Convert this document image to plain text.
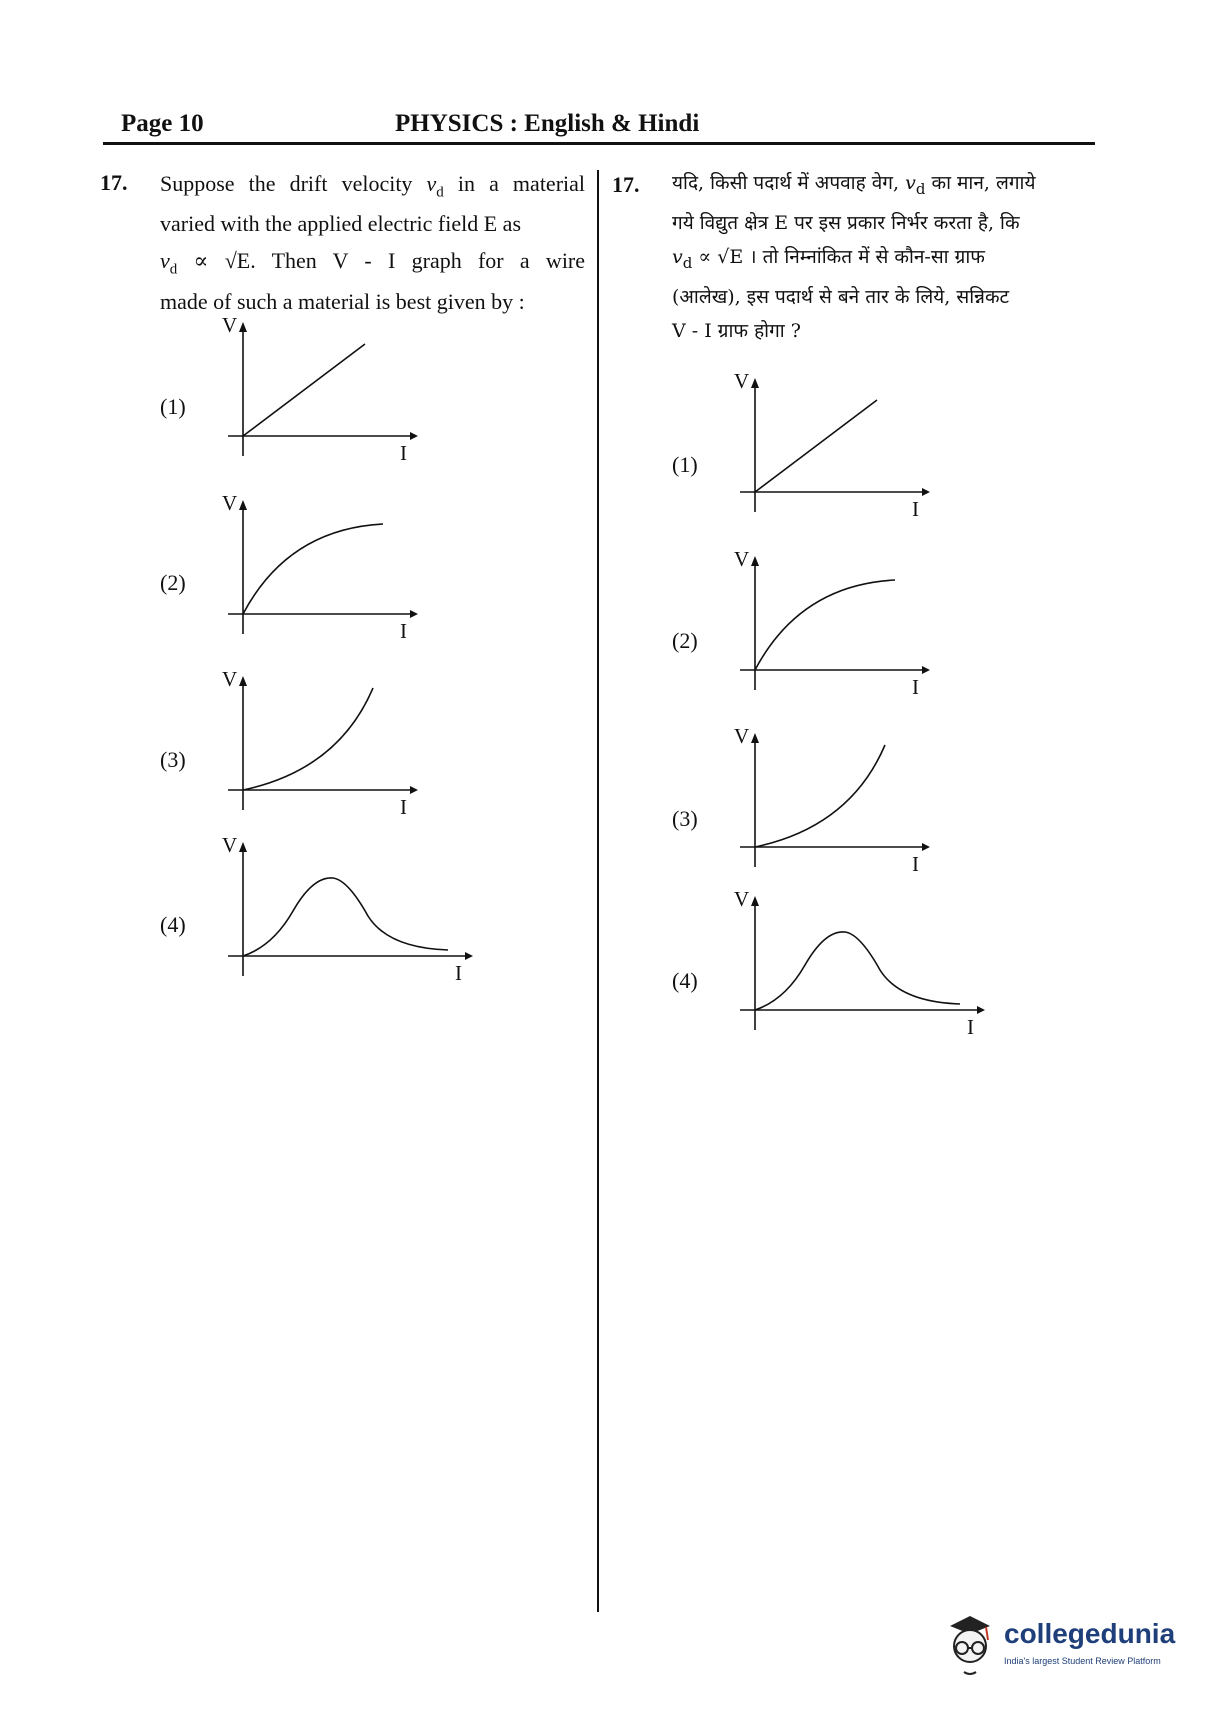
Page 10	PHYSICS : English & Hindi
17. Suppose the drift velocity $v_d$ in a material
varied with the applied electric field E as
$v_d \propto √E$. Then V - I graph for a wire
made of such a material is best given by :
17. यदि, किसी पदार्थ में अपवाह वेग, $v_d$ का मान, लगाये
गये विद्युत क्षेत्र E पर इस प्रकार निर्भर करता है, कि
$v_d \propto √E$ । तो निम्नांकित में से कौन-सा ग्राफ
(आलेख), इस पदार्थ से बने तार के लिये, सन्निकट
V - I ग्राफ होगा ?
(1)
(2)
(3)
(4)
V
I
V
I
V
I
V
I
(1)
(2)
(3)
(4)
V
I
V
I
V
I
V
I
collegedunia
India's largest Student Review Platform
